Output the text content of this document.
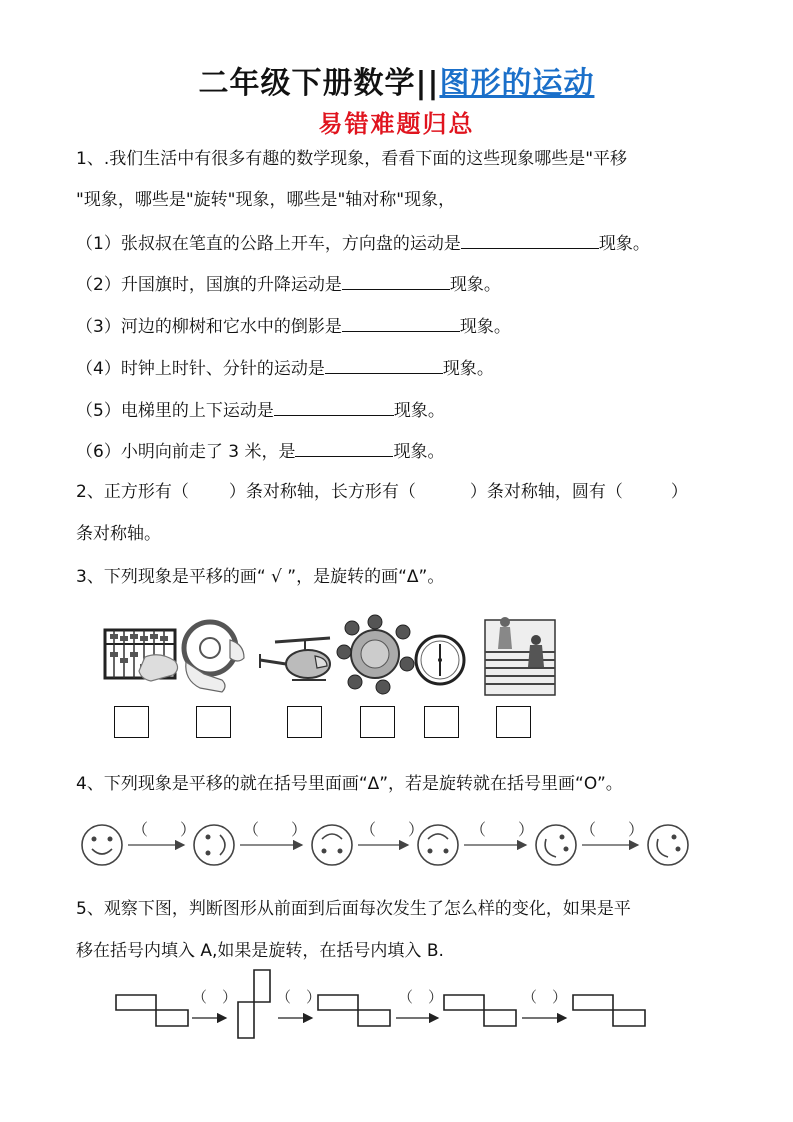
二年级下册数学||图形的运动
易错难题归总
1、.我们生活中有很多有趣的数学现象，看看下面的这些现象哪些是"平移
"现象，哪些是"旋转"现象，哪些是"轴对称"现象，
（1）张叔叔在笔直的公路上开车，方向盘的运动是	现象。
（2）升国旗时，国旗的升降运动是	现象。
（3）河边的柳树和它水中的倒影是	现象。
（4）时钟上时针、分针的运动是	现象。
（5）电梯里的上下运动是	现象。
（6）小明向前走了 3 米，是	现象。
2、正方形有（ ）条对称轴，长方形有（	）条对称轴，圆有（	）
条对称轴。
3、下列现象是平移的画“ √ ”，是旋转的画“Δ”。
4、下列现象是平移的就在括号里面画“Δ”，若是旋转就在括号里画“O”。
（　　）	（　　）	（　　）	（　　）	（　　）
5、观察下图，判断图形从前面到后面每次发生了怎么样的变化，如果是平
移在括号内填入 A,如果是旋转，在括号内填入 B.
（　）	（　）	（　）	（　）
